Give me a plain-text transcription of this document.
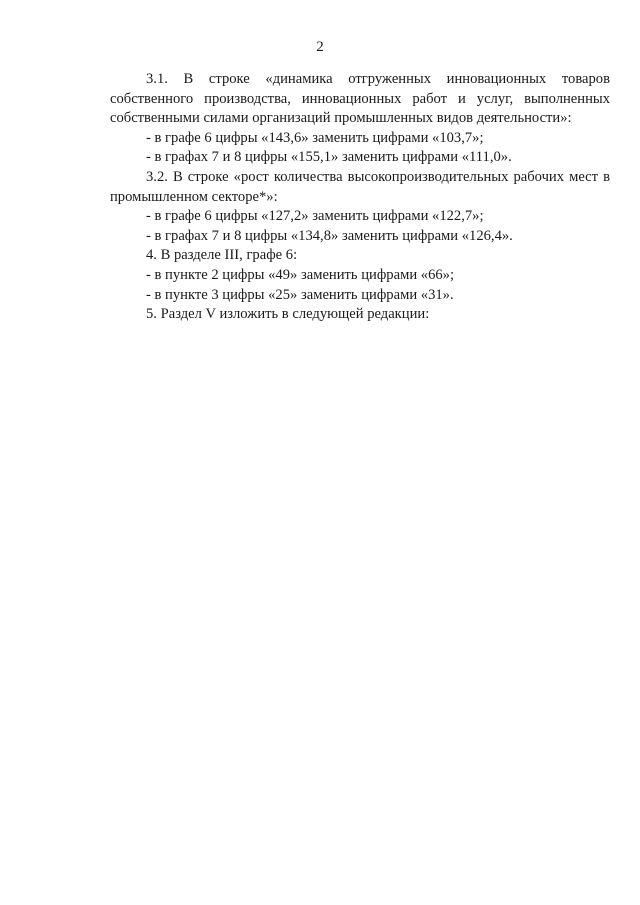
2

3.1. В строке «динамика отгруженных инновационных товаров собственного производства, инновационных работ и услуг, выполненных собственными силами организаций промышленных видов деятельности»:

- в графе 6 цифры «143,6» заменить цифрами «103,7»;

- в графах 7 и 8 цифры «155,1» заменить цифрами «111,0».

3.2. В строке «рост количества высокопроизводительных рабочих мест в промышленном секторе*»:

- в графе 6 цифры «127,2» заменить цифрами «122,7»;

- в графах 7 и 8 цифры «134,8» заменить цифрами «126,4».

4. В разделе III, графе 6:

- в пункте 2 цифры «49» заменить цифрами «66»;

- в пункте 3 цифры «25» заменить цифрами «31».

5. Раздел V изложить в следующей редакции:
